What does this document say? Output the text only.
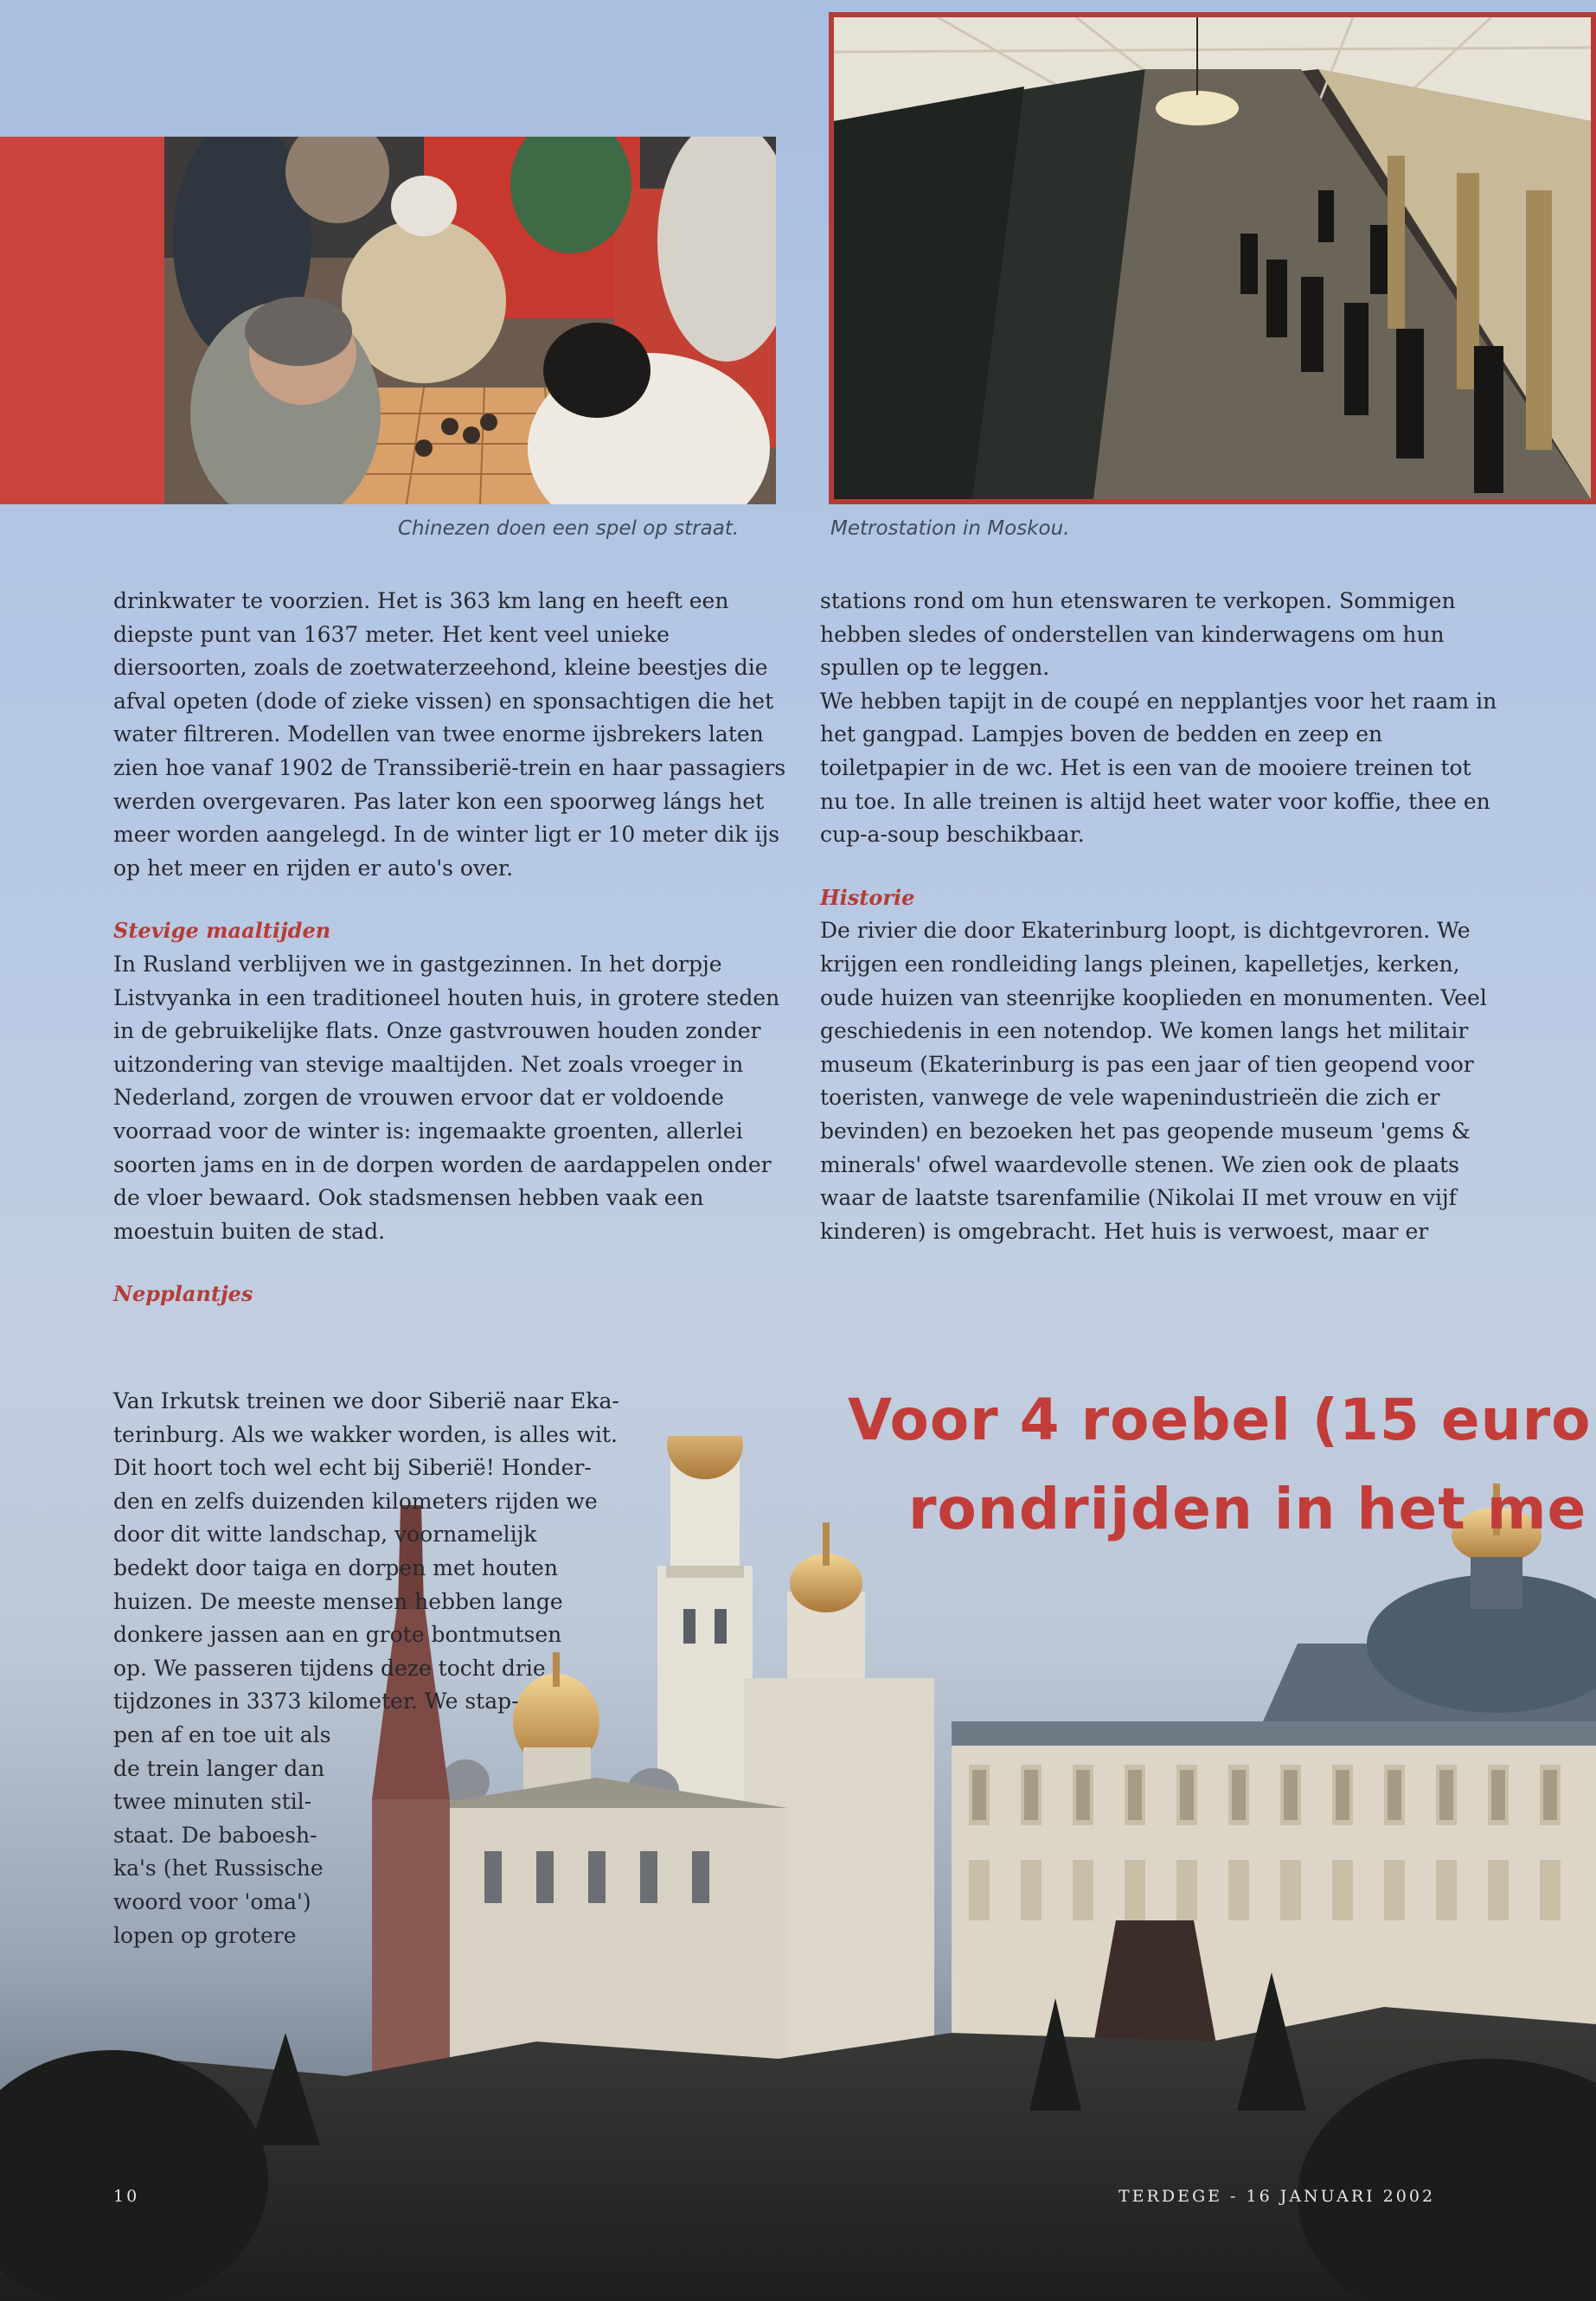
Chinezen doen een spel op straat.	Metrostation in Moskou.

drinkwater te voorzien. Het is 363 km lang en heeft een diepste punt van 1637 meter. Het kent veel unieke diersoorten, zoals de zoetwaterzeehond, kleine beestjes die afval opeten (dode of zieke vissen) en sponsachtigen die het water filtreren. Modellen van twee enorme ijsbrekers laten zien hoe vanaf 1902 de Transsiberië-trein en haar passagiers werden overgevaren. Pas later kon een spoorweg lángs het meer worden aangelegd. In de winter ligt er 10 meter dik ijs op het meer en rijden er auto's over.

Stevige maaltijden

In Rusland verblijven we in gastgezinnen. In het dorpje Listvyanka in een traditioneel houten huis, in grotere steden in de gebruikelijke flats. Onze gastvrouwen houden zonder uitzondering van stevige maaltijden. Net zoals vroeger in Nederland, zorgen de vrouwen ervoor dat er voldoende voorraad voor de winter is: ingemaakte groenten, allerlei soorten jams en in de dorpen worden de aardappelen onder de vloer bewaard. Ook stadsmensen hebben vaak een moestuin buiten de stad.

Nepplantjes

stations rond om hun etenswaren te verkopen. Sommigen hebben sledes of onderstellen van kinderwagens om hun spullen op te leggen.

We hebben tapijt in de coupé en nepplantjes voor het raam in het gangpad. Lampjes boven de bedden en zeep en toiletpapier in de wc. Het is een van de mooiere treinen tot nu toe. In alle treinen is altijd heet water voor koffie, thee en cup-a-soup beschikbaar.

Historie

De rivier die door Ekaterinburg loopt, is dichtgevroren. We krijgen een rondleiding langs pleinen, kapelletjes, kerken, oude huizen van steenrijke kooplieden en monumenten. Veel geschiedenis in een notendop. We komen langs het militair museum (Ekaterinburg is pas een jaar of tien geopend voor toeristen, vanwege de vele wapenindustrieën die zich er bevinden) en bezoeken het pas geopende museum 'gems & minerals' ofwel waardevolle stenen. We zien ook de plaats waar de laatste tsarenfamilie (Nikolai II met vrouw en vijf kinderen) is omgebracht. Het huis is verwoest, maar er

Van Irkutsk treinen we door Siberië naar Eka-
terinburg. Als we wakker worden, is alles wit.
Dit hoort toch wel echt bij Siberië! Honder-
den en zelfs duizenden kilometers rijden we
door dit witte landschap, voornamelijk
bedekt door taiga en dorpen met houten
huizen. De meeste mensen hebben lange
donkere jassen aan en grote bontmutsen
op. We passeren tijdens deze tocht drie
tijdzones in 3373 kilometer. We stap-
pen af en toe uit als
de trein langer dan
twee minuten stil-
staat. De baboesh-
ka's (het Russische
woord voor 'oma')
lopen op grotere
Voor 4 roebel (15 euro
rondrijden in het me
10	TERDEGE - 16 JANUARI 2002
